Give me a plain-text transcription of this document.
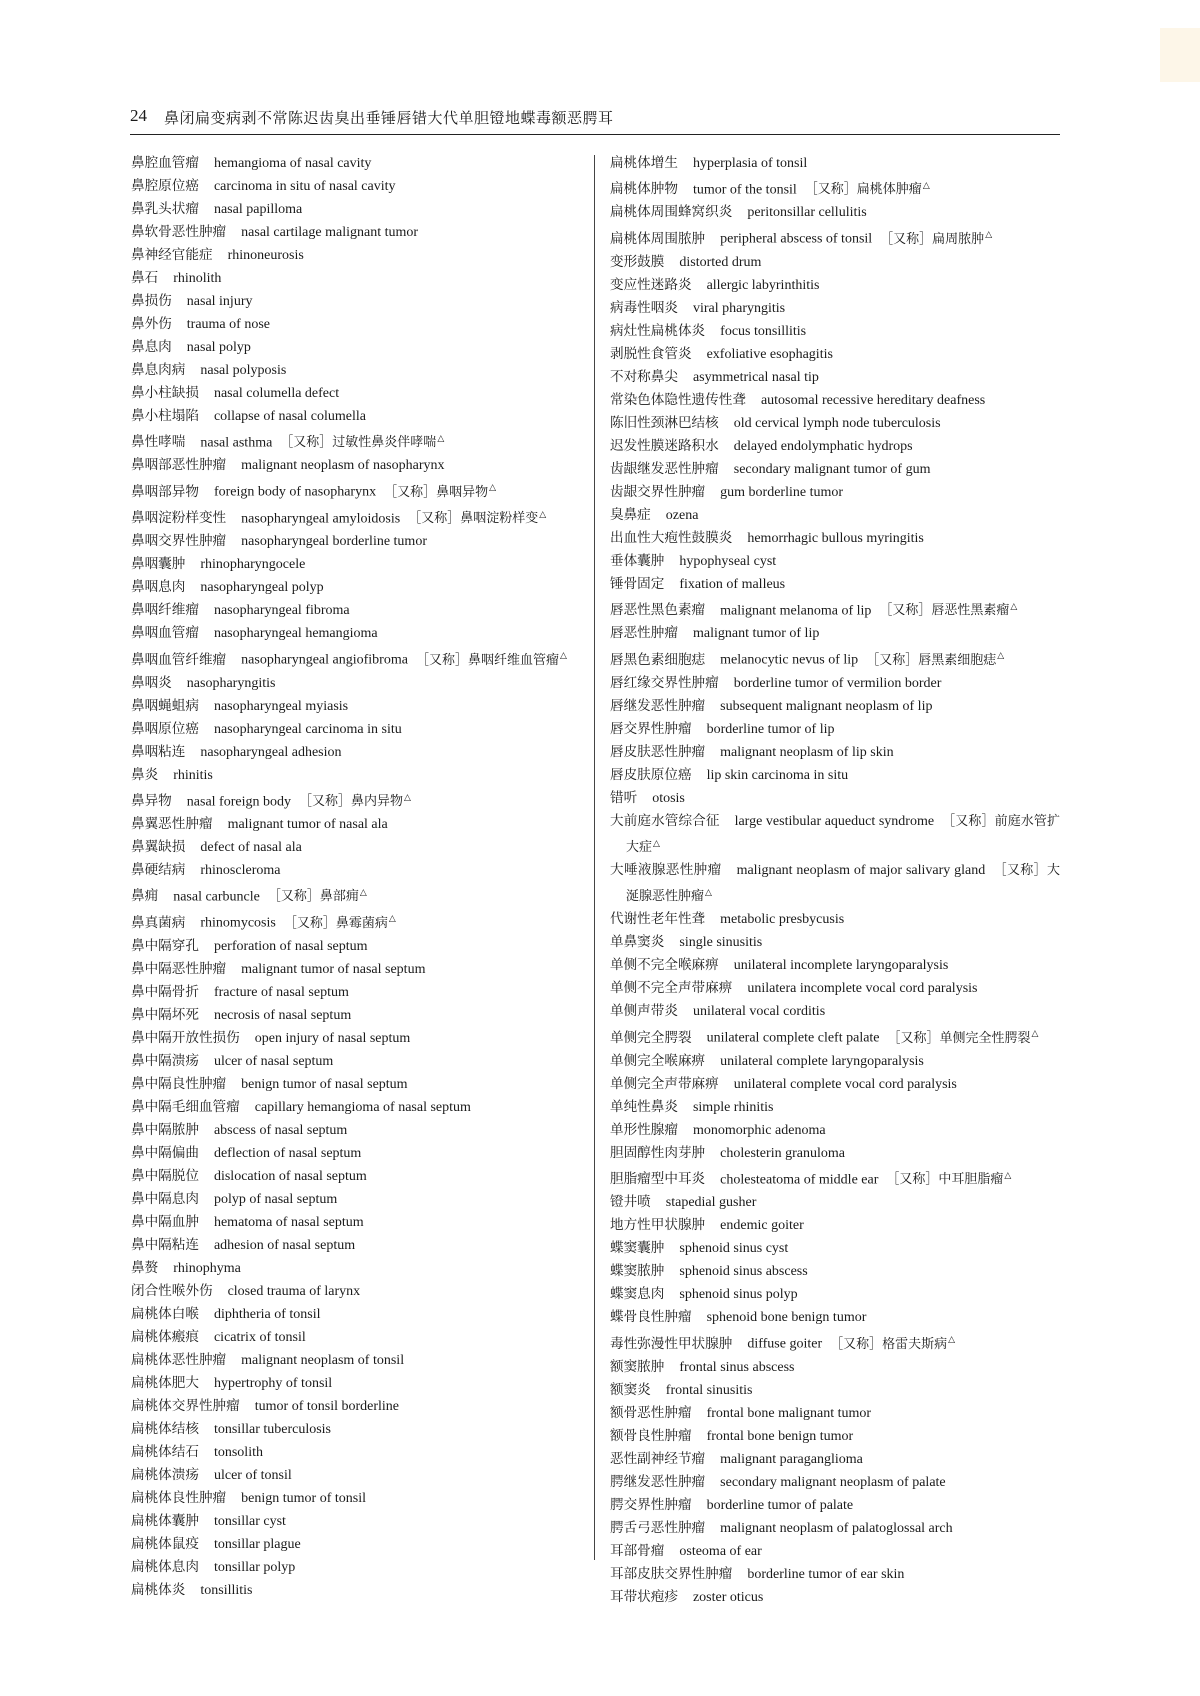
24 鼻闭扁变病剥不常陈迟齿臭出垂锤唇错大代单胆镫地蝶毒额恶腭耳
鼻腔血管瘤 hemangioma of nasal cavity
鼻腔原位癌 carcinoma in situ of nasal cavity
鼻乳头状瘤 nasal papilloma
鼻软骨恶性肿瘤 nasal cartilage malignant tumor
鼻神经官能症 rhinoneurosis
鼻石 rhinolith
鼻损伤 nasal injury
鼻外伤 trauma of nose
鼻息肉 nasal polyp
鼻息肉病 nasal polyposis
鼻小柱缺损 nasal columella defect
鼻小柱塌陷 collapse of nasal columella
鼻性哮喘 nasal asthma ［又称］过敏性鼻炎伴哮喘△
鼻咽部恶性肿瘤 malignant neoplasm of nasopharynx
鼻咽部异物 foreign body of nasopharynx ［又称］鼻咽异物△
鼻咽淀粉样变性 nasopharyngeal amyloidosis ［又称］鼻咽淀粉样变△
鼻咽交界性肿瘤 nasopharyngeal borderline tumor
鼻咽囊肿 rhinopharyngocele
鼻咽息肉 nasopharyngeal polyp
鼻咽纤维瘤 nasopharyngeal fibroma
鼻咽血管瘤 nasopharyngeal hemangioma
鼻咽血管纤维瘤 nasopharyngeal angiofibroma ［又称］鼻咽纤维血管瘤△
鼻咽炎 nasopharyngitis
鼻咽蝇蛆病 nasopharyngeal myiasis
鼻咽原位癌 nasopharyngeal carcinoma in situ
鼻咽粘连 nasopharyngeal adhesion
鼻炎 rhinitis
鼻异物 nasal foreign body ［又称］鼻内异物△
鼻翼恶性肿瘤 malignant tumor of nasal ala
鼻翼缺损 defect of nasal ala
鼻硬结病 rhinoscleroma
鼻痈 nasal carbuncle ［又称］鼻部痈△
鼻真菌病 rhinomycosis ［又称］鼻霉菌病△
鼻中隔穿孔 perforation of nasal septum
鼻中隔恶性肿瘤 malignant tumor of nasal septum
鼻中隔骨折 fracture of nasal septum
鼻中隔坏死 necrosis of nasal septum
鼻中隔开放性损伤 open injury of nasal septum
鼻中隔溃疡 ulcer of nasal septum
鼻中隔良性肿瘤 benign tumor of nasal septum
鼻中隔毛细血管瘤 capillary hemangioma of nasal septum
鼻中隔脓肿 abscess of nasal septum
鼻中隔偏曲 deflection of nasal septum
鼻中隔脱位 dislocation of nasal septum
鼻中隔息肉 polyp of nasal septum
鼻中隔血肿 hematoma of nasal septum
鼻中隔粘连 adhesion of nasal septum
鼻赘 rhinophyma
闭合性喉外伤 closed trauma of larynx
扁桃体白喉 diphtheria of tonsil
扁桃体瘢痕 cicatrix of tonsil
扁桃体恶性肿瘤 malignant neoplasm of tonsil
扁桃体肥大 hypertrophy of tonsil
扁桃体交界性肿瘤 tumor of tonsil borderline
扁桃体结核 tonsillar tuberculosis
扁桃体结石 tonsolith
扁桃体溃疡 ulcer of tonsil
扁桃体良性肿瘤 benign tumor of tonsil
扁桃体囊肿 tonsillar cyst
扁桃体鼠疫 tonsillar plague
扁桃体息肉 tonsillar polyp
扁桃体炎 tonsillitis
扁桃体增生 hyperplasia of tonsil
扁桃体肿物 tumor of the tonsil ［又称］扁桃体肿瘤△
扁桃体周围蜂窝织炎 peritonsillar cellulitis
扁桃体周围脓肿 peripheral abscess of tonsil ［又称］扁周脓肿△
变形鼓膜 distorted drum
变应性迷路炎 allergic labyrinthitis
病毒性咽炎 viral pharyngitis
病灶性扁桃体炎 focus tonsillitis
剥脱性食管炎 exfoliative esophagitis
不对称鼻尖 asymmetrical nasal tip
常染色体隐性遗传性聋 autosomal recessive hereditary deafness
陈旧性颈淋巴结核 old cervical lymph node tuberculosis
迟发性膜迷路积水 delayed endolymphatic hydrops
齿龈继发恶性肿瘤 secondary malignant tumor of gum
齿龈交界性肿瘤 gum borderline tumor
臭鼻症 ozena
出血性大疱性鼓膜炎 hemorrhagic bullous myringitis
垂体囊肿 hypophyseal cyst
锤骨固定 fixation of malleus
唇恶性黑色素瘤 malignant melanoma of lip ［又称］唇恶性黑素瘤△
唇恶性肿瘤 malignant tumor of lip
唇黑色素细胞痣 melanocytic nevus of lip ［又称］唇黑素细胞痣△
唇红缘交界性肿瘤 borderline tumor of vermilion border
唇继发恶性肿瘤 subsequent malignant neoplasm of lip
唇交界性肿瘤 borderline tumor of lip
唇皮肤恶性肿瘤 malignant neoplasm of lip skin
唇皮肤原位癌 lip skin carcinoma in situ
错听 otosis
大前庭水管综合征 large vestibular aqueduct syndrome ［又称］前庭水管扩大症△
大唾液腺恶性肿瘤 malignant neoplasm of major salivary gland ［又称］大涎腺恶性肿瘤△
代谢性老年性聋 metabolic presbycusis
单鼻窦炎 single sinusitis
单侧不完全喉麻痹 unilateral incomplete laryngoparalysis
单侧不完全声带麻痹 unilatera incomplete vocal cord paralysis
单侧声带炎 unilateral vocal corditis
单侧完全腭裂 unilateral complete cleft palate ［又称］单侧完全性腭裂△
单侧完全喉麻痹 unilateral complete laryngoparalysis
单侧完全声带麻痹 unilateral complete vocal cord paralysis
单纯性鼻炎 simple rhinitis
单形性腺瘤 monomorphic adenoma
胆固醇性肉芽肿 cholesterin granuloma
胆脂瘤型中耳炎 cholesteatoma of middle ear ［又称］中耳胆脂瘤△
镫井喷 stapedial gusher
地方性甲状腺肿 endemic goiter
蝶窦囊肿 sphenoid sinus cyst
蝶窦脓肿 sphenoid sinus abscess
蝶窦息肉 sphenoid sinus polyp
蝶骨良性肿瘤 sphenoid bone benign tumor
毒性弥漫性甲状腺肿 diffuse goiter ［又称］格雷夫斯病△
额窦脓肿 frontal sinus abscess
额窦炎 frontal sinusitis
额骨恶性肿瘤 frontal bone malignant tumor
额骨良性肿瘤 frontal bone benign tumor
恶性副神经节瘤 malignant paraganglioma
腭继发恶性肿瘤 secondary malignant neoplasm of palate
腭交界性肿瘤 borderline tumor of palate
腭舌弓恶性肿瘤 malignant neoplasm of palatoglossal arch
耳部骨瘤 osteoma of ear
耳部皮肤交界性肿瘤 borderline tumor of ear skin
耳带状疱疹 zoster oticus
